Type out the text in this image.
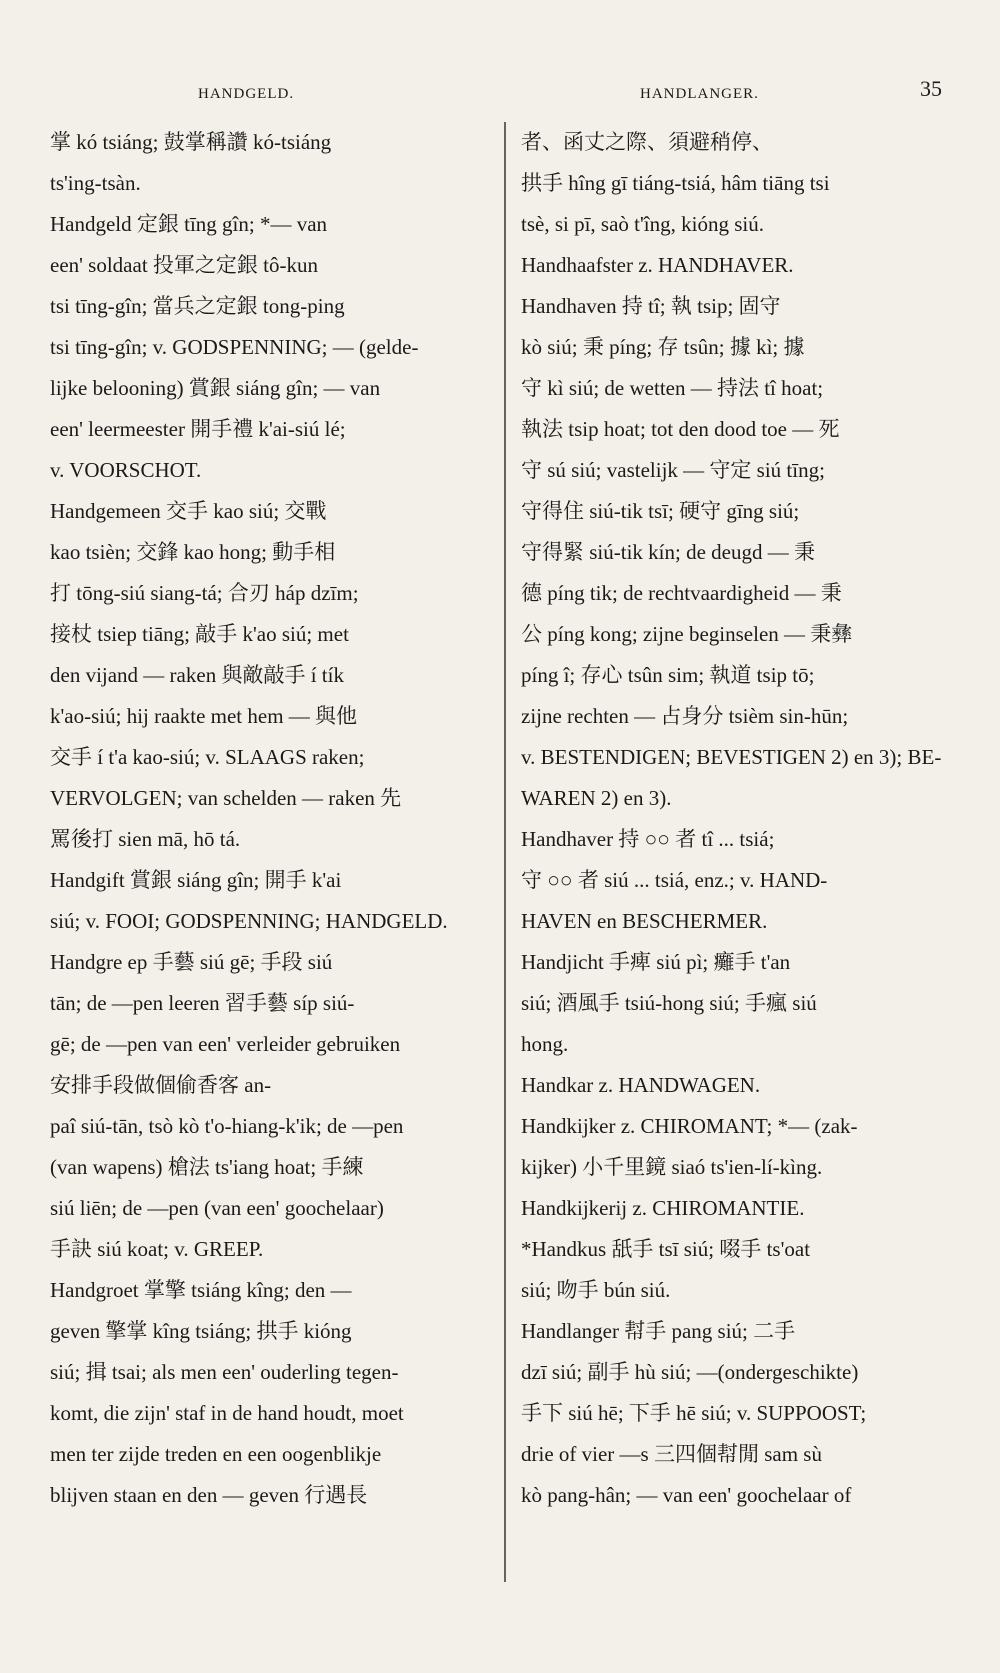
HANDGELD.	HANDLANGER.	35
掌 kó tsiáng; 鼓掌稱讚 kó-tsiáng
ts'ing-tsàn.
Handgeld 定銀 tīng gîn; *— van
een' soldaat 投軍之定銀 tô-kun
tsi tīng-gîn; 當兵之定銀 tong-ping
tsi tīng-gîn; v. GODSPENNING; — (gelde-
lijke belooning) 賞銀 siáng gîn; — van
een' leermeester 開手禮 k'ai-siú lé;
v. VOORSCHOT.
Handgemeen 交手 kao siú; 交戰
kao tsièn; 交鋒 kao hong; 動手相
打 tōng-siú siang-tá; 合刃 háp dzīm;
接杖 tsiep tiāng; 敲手 k'ao siú; met
den vijand — raken 與敵敲手 í tík
k'ao-siú; hij raakte met hem — 與他
交手 í t'a kao-siú; v. SLAAGS raken;
VERVOLGEN; van schelden — raken 先
罵後打 sien mā, hō tá.
Handgift 賞銀 siáng gîn; 開手 k'ai
siú; v. FOOI; GODSPENNING; HANDGELD.
Handgre ep 手藝 siú gē; 手段 siú
tān; de —pen leeren 習手藝 síp siú-
gē; de —pen van een' verleider gebruiken
安排手段做個偷香客 an-
paî siú-tān, tsò kò t'o-hiang-k'ik; de —pen
(van wapens) 槍法 ts'iang hoat; 手練
siú liēn; de —pen (van een' goochelaar)
手訣 siú koat; v. GREEP.
Handgroet 掌擎 tsiáng kîng; den —
geven 擎掌 kîng tsiáng; 拱手 kióng
siú; 揖 tsai; als men een' ouderling tegen-
komt, die zijn' staf in de hand houdt, moet
men ter zijde treden en een oogenblikje
blijven staan en den — geven 行遇長
者、函丈之際、須避稍停、
拱手 hîng gī tiáng-tsiá, hâm tiāng tsi
tsè, si pī, saò t'îng, kióng siú.
Handhaafster z. HANDHAVER.
Handhaven 持 tî; 執 tsip; 固守
kò siú; 秉 píng; 存 tsûn; 據 kì; 據
守 kì siú; de wetten — 持法 tî hoat;
執法 tsip hoat; tot den dood toe — 死
守 sú siú; vastelijk — 守定 siú tīng;
守得住 siú-tik tsī; 硬守 gīng siú;
守得緊 siú-tik kín; de deugd — 秉
德 píng tik; de rechtvaardigheid — 秉
公 píng kong; zijne beginselen — 秉彝
píng î; 存心 tsûn sim; 執道 tsip tō;
zijne rechten — 占身分 tsièm sin-hūn;
v. BESTENDIGEN; BEVESTIGEN 2) en 3); BE-
WAREN 2) en 3).
Handhaver 持 ○○ 者 tî ... tsiá;
守 ○○ 者 siú ... tsiá, enz.; v. HAND-
HAVEN en BESCHERMER.
Handjicht 手痺 siú pì; 癱手 t'an
siú; 酒風手 tsiú-hong siú; 手瘋 siú
hong.
Handkar z. HANDWAGEN.
Handkijker z. CHIROMANT; *— (zak-
kijker) 小千里鏡 siaó ts'ien-lí-kìng.
Handkijkerij z. CHIROMANTIE.
*Handkus 舐手 tsī siú; 啜手 ts'oat
siú; 吻手 bún siú.
Handlanger 幇手 pang siú; 二手
dzī siú; 副手 hù siú; —(ondergeschikte)
手下 siú hē; 下手 hē siú; v. SUPPOOST;
drie of vier —s 三四個幇閒 sam sù
kò pang-hân; — van een' goochelaar of
